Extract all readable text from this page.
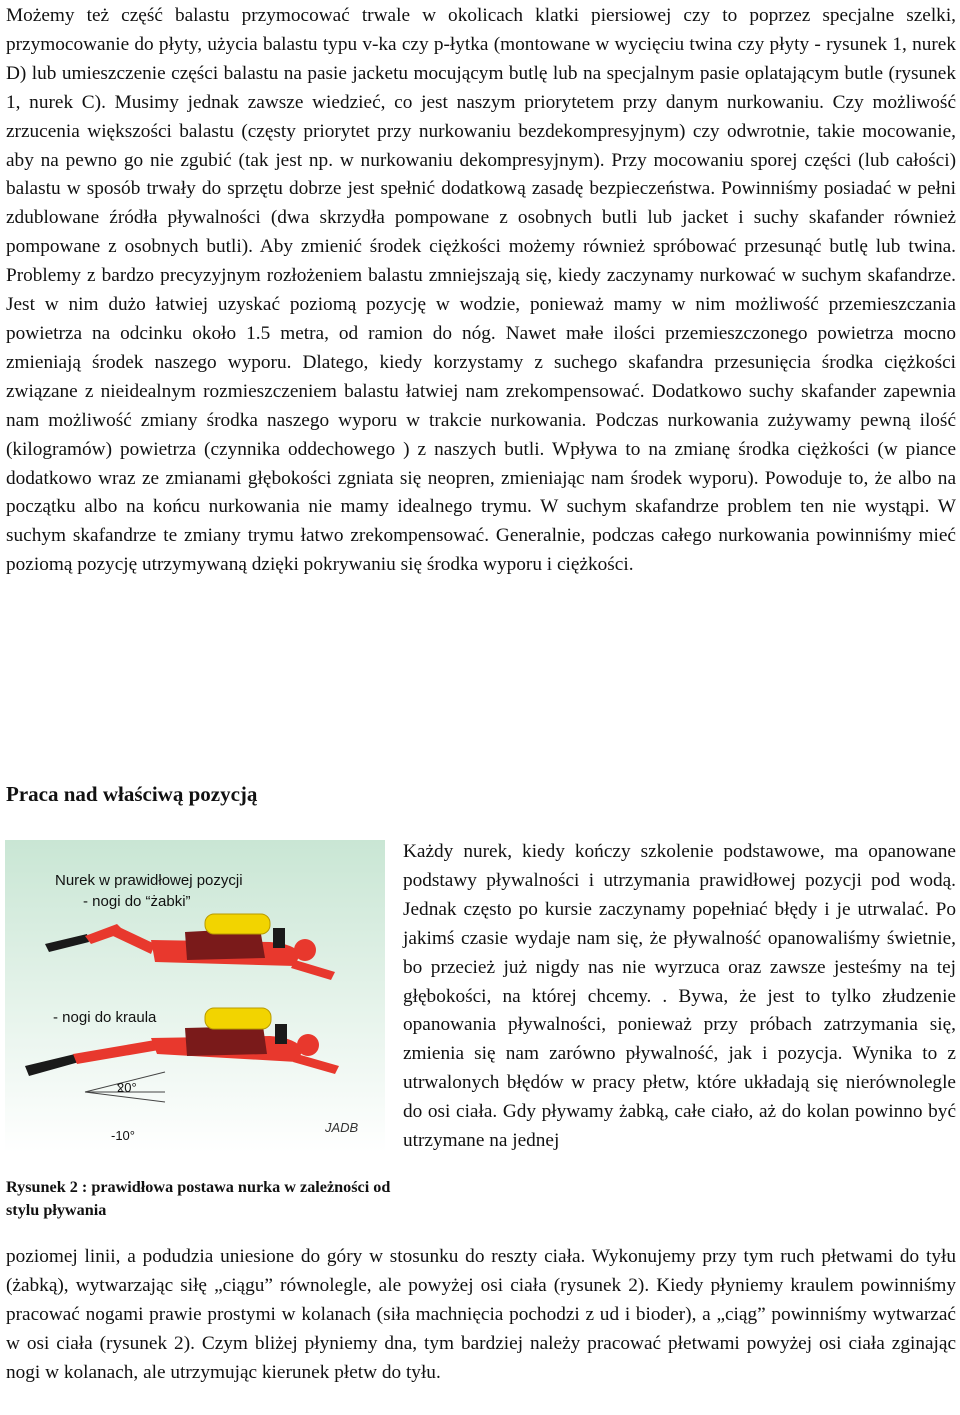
Możemy też część balastu przymocować trwale w okolicach klatki piersiowej czy to poprzez specjalne szelki, przymocowanie do płyty, użycia balastu typu v-ka czy p-łytka (montowane w wycięciu twina czy płyty - rysunek 1, nurek D) lub umieszczenie części balastu na pasie jacketu mocującym butlę lub na specjalnym pasie oplatającym butle (rysunek 1, nurek C). Musimy jednak zawsze wiedzieć, co jest naszym priorytetem przy danym nurkowaniu. Czy możliwość zrzucenia większości balastu (częsty priorytet przy nurkowaniu bezdekompresyjnym) czy odwrotnie, takie mocowanie, aby na pewno go nie zgubić (tak jest np. w nurkowaniu dekompresyjnym). Przy mocowaniu sporej części (lub całości) balastu w sposób trwały do sprzętu dobrze jest spełnić dodatkową zasadę bezpieczeństwa. Powinniśmy posiadać w pełni zdublowane źródła pływalności (dwa skrzydła pompowane z osobnych butli lub jacket i suchy skafander również pompowane z osobnych butli). Aby zmienić środek ciężkości możemy również spróbować przesunąć butlę lub twina. Problemy z bardzo precyzyjnym rozłożeniem balastu zmniejszają się, kiedy zaczynamy nurkować w suchym skafandrze. Jest w nim dużo łatwiej uzyskać poziomą pozycję w wodzie, ponieważ mamy w nim możliwość przemieszczania powietrza na odcinku około 1.5 metra, od ramion do nóg. Nawet małe ilości przemieszczonego powietrza mocno zmieniają środek naszego wyporu. Dlatego, kiedy korzystamy z suchego skafandra przesunięcia środka ciężkości związane z nieidealnym rozmieszczeniem balastu łatwiej nam zrekompensować. Dodatkowo suchy skafander zapewnia nam możliwość zmiany środka naszego wyporu w trakcie nurkowania. Podczas nurkowania zużywamy pewną ilość (kilogramów) powietrza (czynnika oddechowego ) z naszych butli. Wpływa to na zmianę środka ciężkości (w piance dodatkowo wraz ze zmianami głębokości zgniata się neopren, zmieniając nam środek wyporu). Powoduje to, że albo na początku albo na końcu nurkowania nie mamy idealnego trymu. W suchym skafandrze problem ten nie wystąpi. W suchym skafandrze te zmiany trymu łatwo zrekompensować. Generalnie, podczas całego nurkowania powinniśmy mieć poziomą pozycję utrzymywaną dzięki pokrywaniu się środka wyporu i ciężkości.

Praca nad właściwą pozycją
Nurek w prawidłowej pozycji
- nogi do “żabki”
- nogi do kraula
20°
-10°
JADB

Rysunek 2 : prawidłowa postawa nurka w zależności od stylu pływania

Każdy nurek, kiedy kończy szkolenie podstawowe, ma opanowane podstawy pływalności i utrzymania prawidłowej pozycji pod wodą. Jednak często po kursie zaczynamy popełniać błędy i je utrwalać. Po jakimś czasie wydaje nam się, że pływalność opanowaliśmy świetnie, bo przecież już nigdy nas nie wyrzuca oraz zawsze jesteśmy na tej głębokości, na której chcemy. . Bywa, że jest to tylko złudzenie opanowania pływalności, ponieważ przy próbach zatrzymania się, zmienia się nam zarówno pływalność, jak i pozycja. Wynika to z utrwalonych błędów w pracy płetw, które układają się nierównolegle do osi ciała. Gdy pływamy żabką, całe ciało, aż do kolan powinno być utrzymane na jednej

poziomej linii, a podudzia uniesione do góry w stosunku do reszty ciała. Wykonujemy przy tym ruch płetwami do tyłu (żabką), wytwarzając siłę „ciągu” równolegle, ale powyżej osi ciała (rysunek 2). Kiedy płyniemy kraulem powinniśmy pracować nogami prawie prostymi w kolanach (siła machnięcia pochodzi z ud i bioder), a „ciąg” powinniśmy wytwarzać w osi ciała (rysunek 2). Czym bliżej płyniemy dna, tym bardziej należy pracować płetwami powyżej osi ciała zginając nogi w kolanach, ale utrzymując kierunek płetw do tyłu.
